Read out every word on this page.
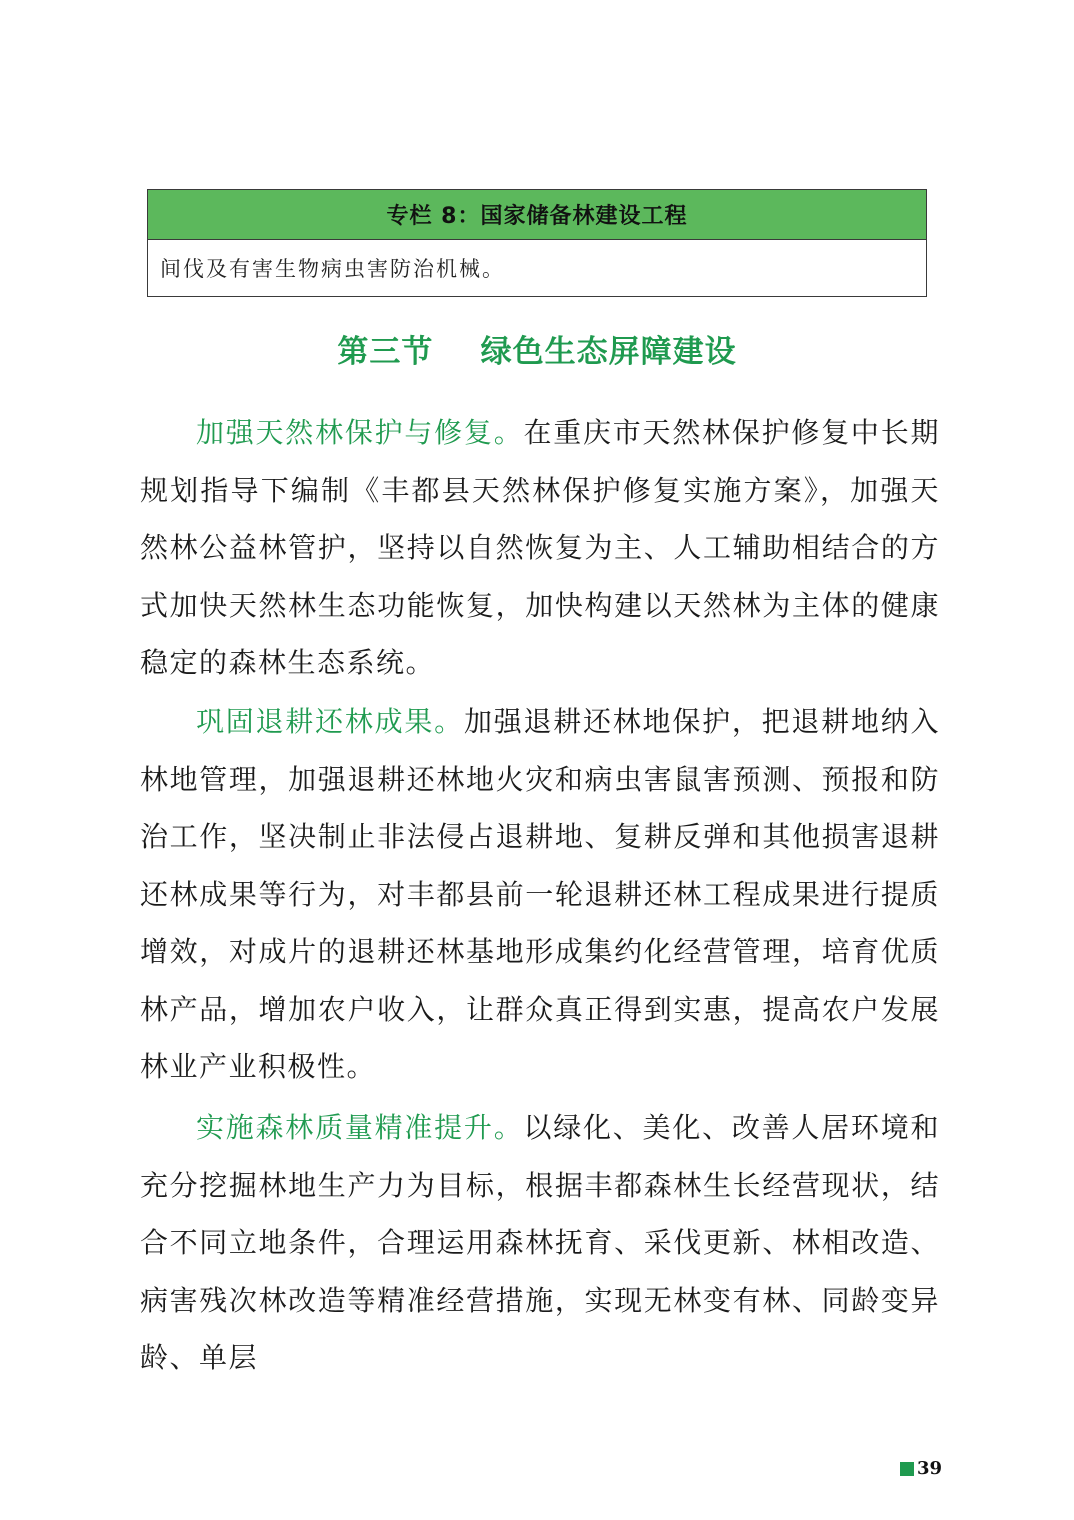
专栏 8：国家储备林建设工程
间伐及有害生物病虫害防治机械。
第三节    绿色生态屏障建设

加强天然林保护与修复。在重庆市天然林保护修复中长期规划指导下编制《丰都县天然林保护修复实施方案》，加强天然林公益林管护，坚持以自然恢复为主、人工辅助相结合的方式加快天然林生态功能恢复，加快构建以天然林为主体的健康稳定的森林生态系统。

巩固退耕还林成果。加强退耕还林地保护，把退耕地纳入林地管理，加强退耕还林地火灾和病虫害鼠害预测、预报和防治工作，坚决制止非法侵占退耕地、复耕反弹和其他损害退耕还林成果等行为，对丰都县前一轮退耕还林工程成果进行提质增效，对成片的退耕还林基地形成集约化经营管理，培育优质林产品，增加农户收入，让群众真正得到实惠，提高农户发展林业产业积极性。

实施森林质量精准提升。以绿化、美化、改善人居环境和充分挖掘林地生产力为目标，根据丰都森林生长经营现状，结合不同立地条件，合理运用森林抚育、采伐更新、林相改造、病害残次林改造等精准经营措施，实现无林变有林、同龄变异龄、单层

39
